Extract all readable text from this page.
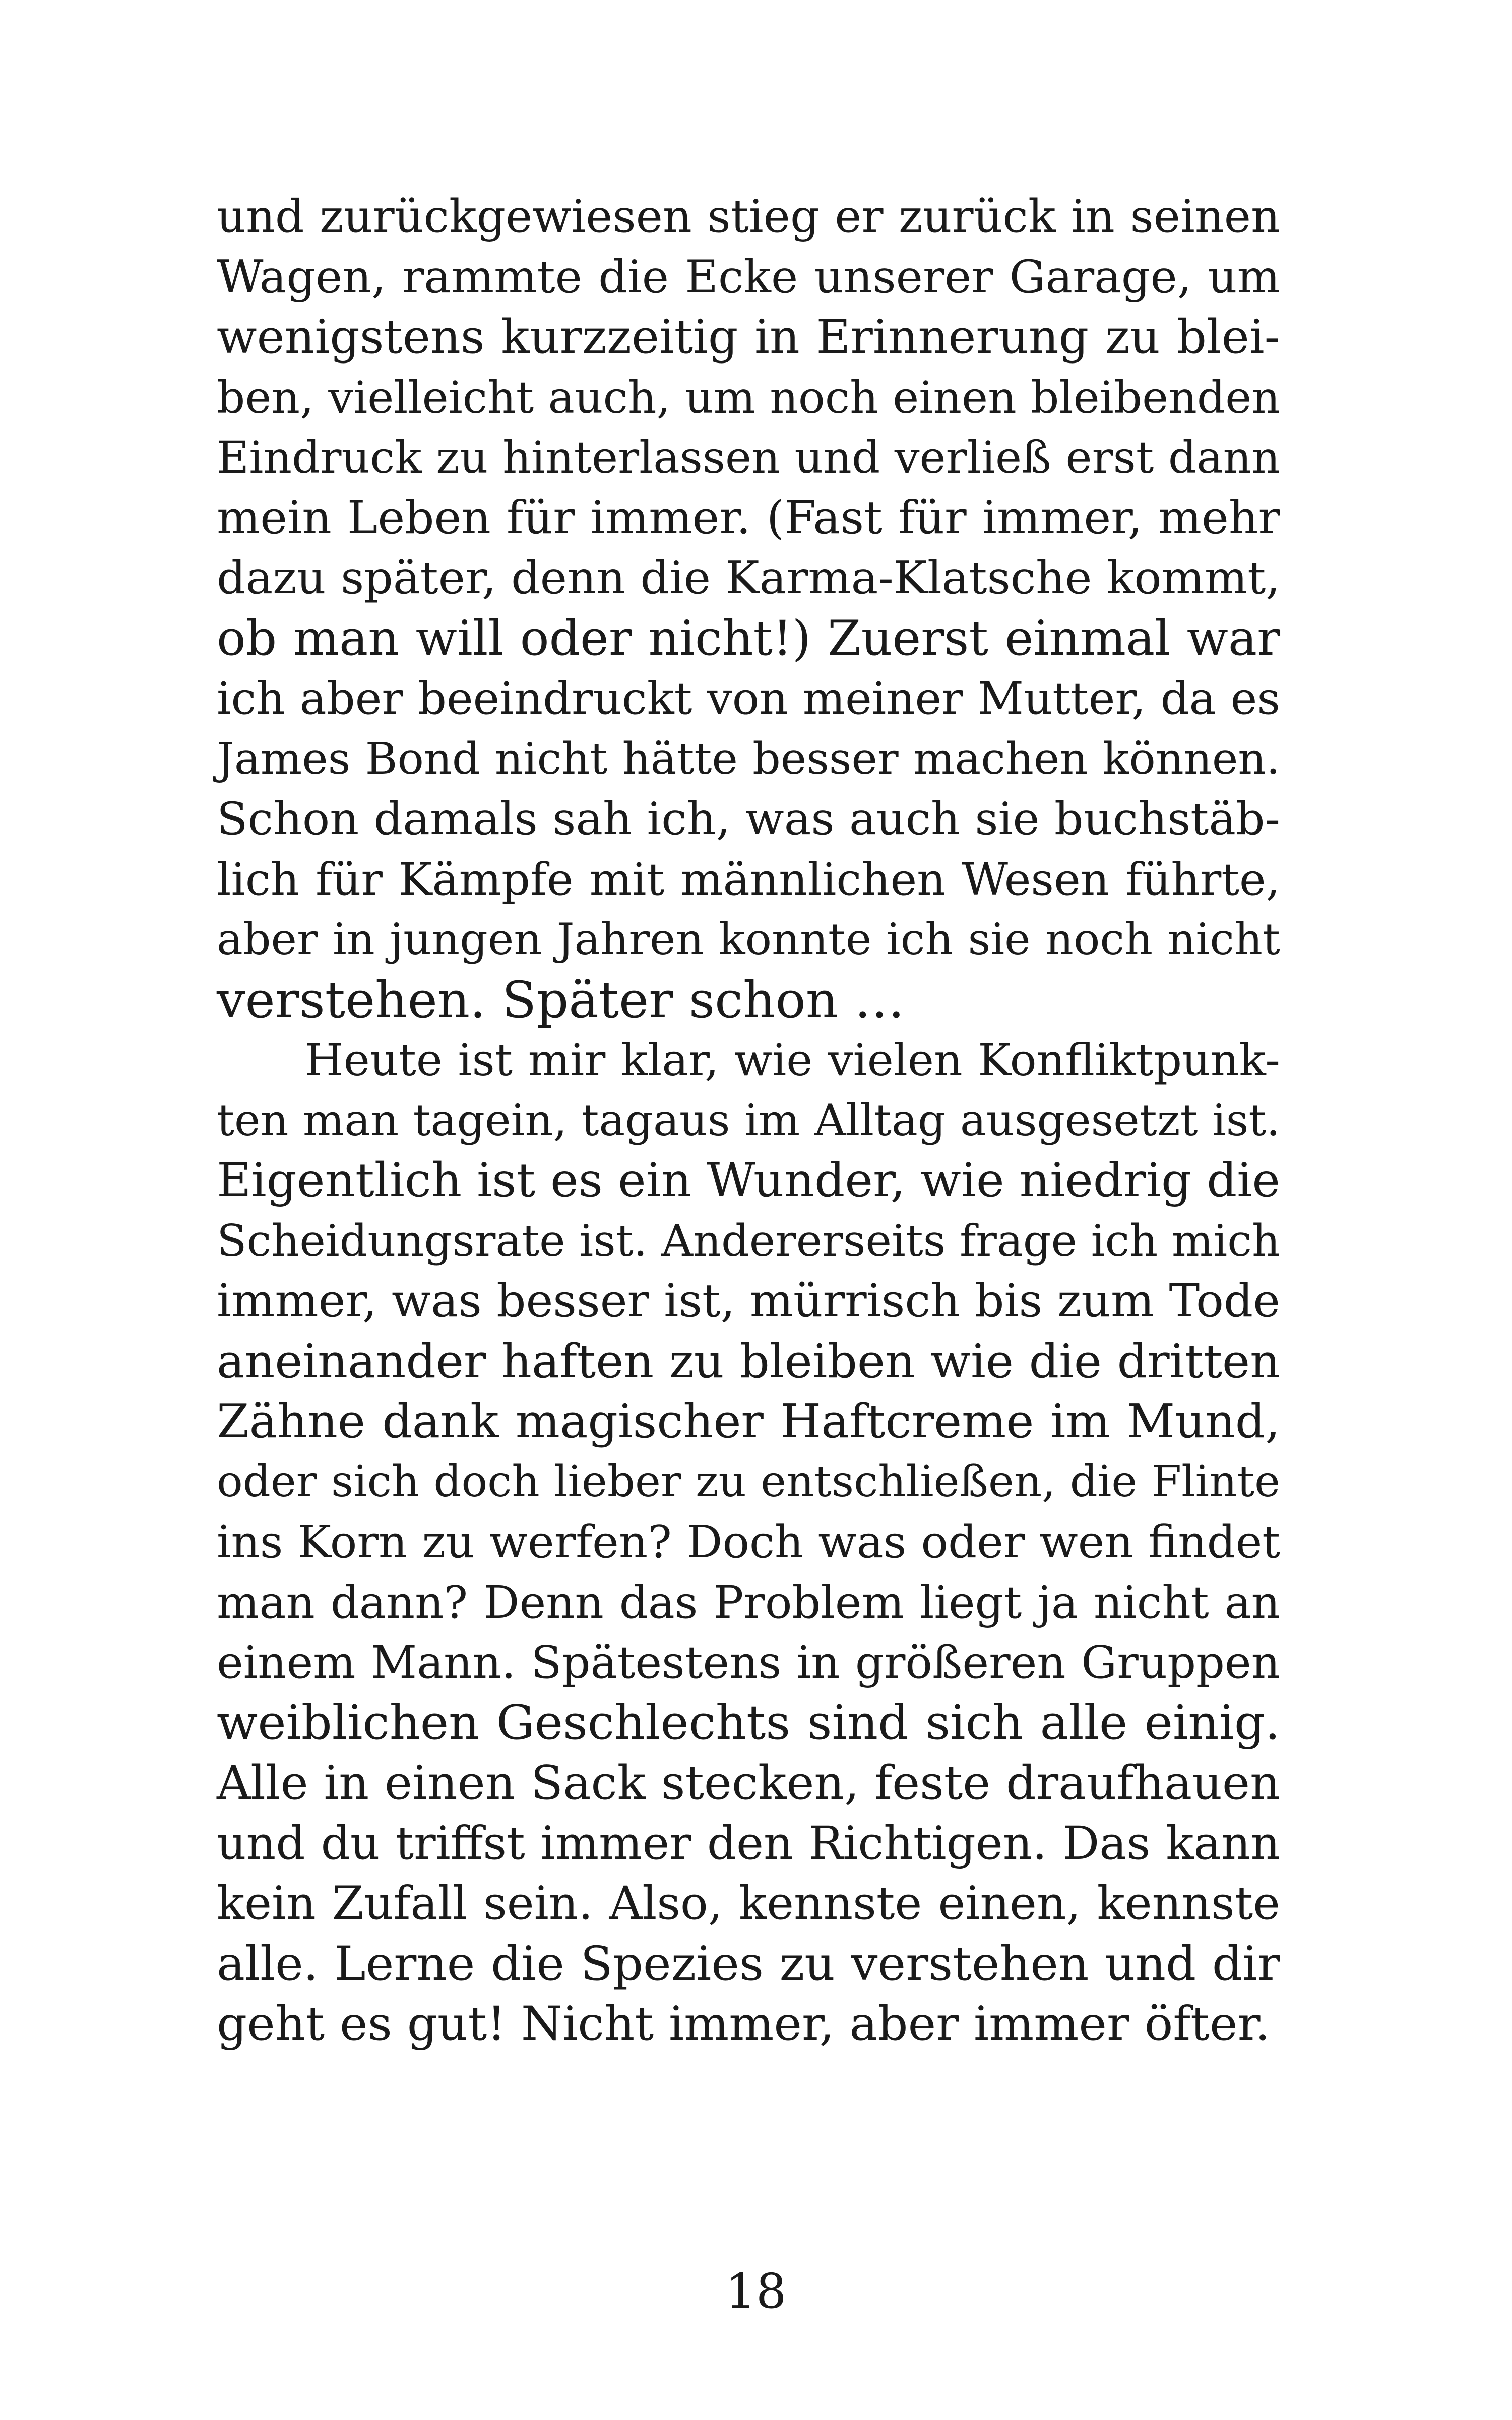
und zurückgewiesen stieg er zurück in seinen
Wagen, rammte die Ecke unserer Garage, um
wenigstens kurzzeitig in Erinnerung zu blei-
ben, vielleicht auch, um noch einen bleibenden
Eindruck zu hinterlassen und verließ erst dann
mein Leben für immer. (Fast für immer, mehr
dazu später, denn die Karma-Klatsche kommt,
ob man will oder nicht!) Zuerst einmal war
ich aber beeindruckt von meiner Mutter, da es
James Bond nicht hätte besser machen können.
Schon damals sah ich, was auch sie buchstäb-
lich für Kämpfe mit männlichen Wesen führte,
aber in jungen Jahren konnte ich sie noch nicht
verstehen. Später schon …
Heute ist mir klar, wie vielen Konfliktpunk-
ten man tagein, tagaus im Alltag ausgesetzt ist.
Eigentlich ist es ein Wunder, wie niedrig die
Scheidungsrate ist. Andererseits frage ich mich
immer, was besser ist, mürrisch bis zum Tode
aneinander haften zu bleiben wie die dritten
Zähne dank magischer Haftcreme im Mund,
oder sich doch lieber zu entschließen, die Flinte
ins Korn zu werfen? Doch was oder wen findet
man dann? Denn das Problem liegt ja nicht an
einem Mann. Spätestens in größeren Gruppen
weiblichen Geschlechts sind sich alle einig.
Alle in einen Sack stecken, feste draufhauen
und du triffst immer den Richtigen. Das kann
kein Zufall sein. Also, kennste einen, kennste
alle. Lerne die Spezies zu verstehen und dir
geht es gut! Nicht immer, aber immer öfter.
18
